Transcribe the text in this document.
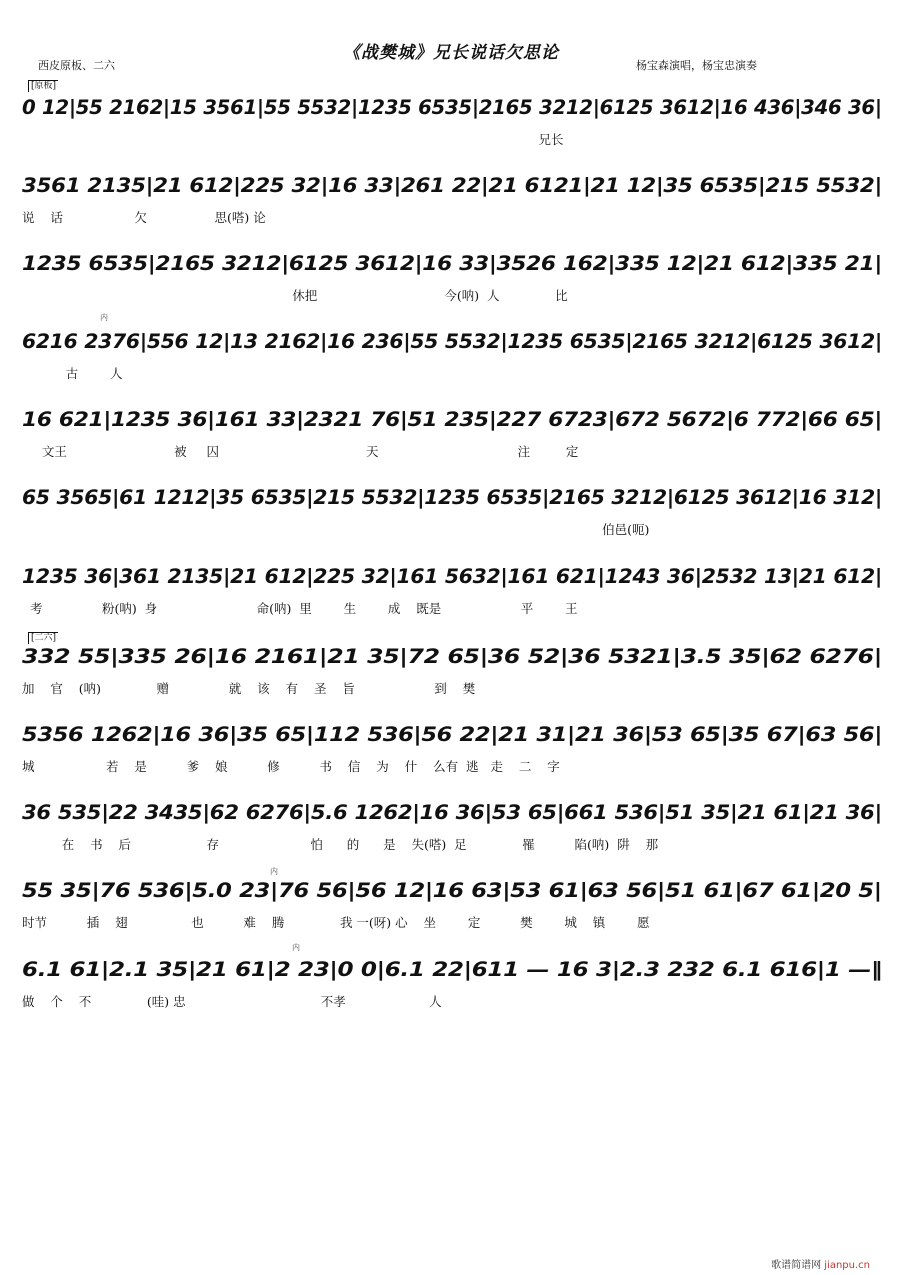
《战樊城》兄长说话欠思论
西皮原板、二六	杨宝森演唱，杨宝忠演奏
[原板]
[二六]
内
内
内
0 12|55 2162|15 3561|55 5532|1235 6535|2165 3212|6125 3612|16 436|346 36|
兄长
3561 2135|21 612|225 32|16 33|261 22|21 6121|21 12|35 6535|215 5532|
说    话                  欠                 思(嗒) 论
1235 6535|2165 3212|6125 3612|16 33|3526 162|335 12|21 612|335 21|
休把                                今(呐)  人              比
6216 2376|556 12|13 2162|16 236|55 5532|1235 6535|2165 3212|6125 3612|
古        人
16 621|1235 36|161 33|2321 76|51 235|227 6723|672 5672|6 772|66 65|
文王                           被     囚                                     天                                   注         定
65 3565|61 1212|35 6535|215 5532|1235 6535|2165 3212|6125 3612|16 312|
伯邑(呃)
1235 36|361 2135|21 612|225 32|161 5632|161 621|1243 36|2532 13|21 612|
考               粉(呐)  身                         命(呐)  里        生        成    既是                    平        王
332 55|335 26|16 2161|21 35|72 65|36 52|36 5321|3.5 35|62 6276|
加    官    (呐)              赠               就    该    有    圣    旨                    到    樊
5356 1262|16 36|35 65|112 536|56 22|21 31|21 36|53 65|35 67|63 56|
城                  若    是          爹    娘          修          书    信    为    什    么有  逃   走    二    字
36 535|22 3435|62 6276|5.6 1262|16 36|53 65|661 536|51 35|21 61|21 36|
在    书    后                   存                       怕      的      是    失(嗒)  足              罹          陷(呐)  阱    那
55 35|76 536|5.0 23|76 56|56 12|16 63|53 61|63 56|51 61|67 61|20 5|
时节          插    翅                也          难    腾              我 一(呀) 心    坐        定          樊        城    镇        愿
6.1 61|2.1 35|21 61|2 23|0 0|6.1 22|611 — 16 3|2.3 232 6.1 616|1 —‖
做    个    不              (哇) 忠                                  不孝                     人
歌谱简谱网 jianpu.cn
